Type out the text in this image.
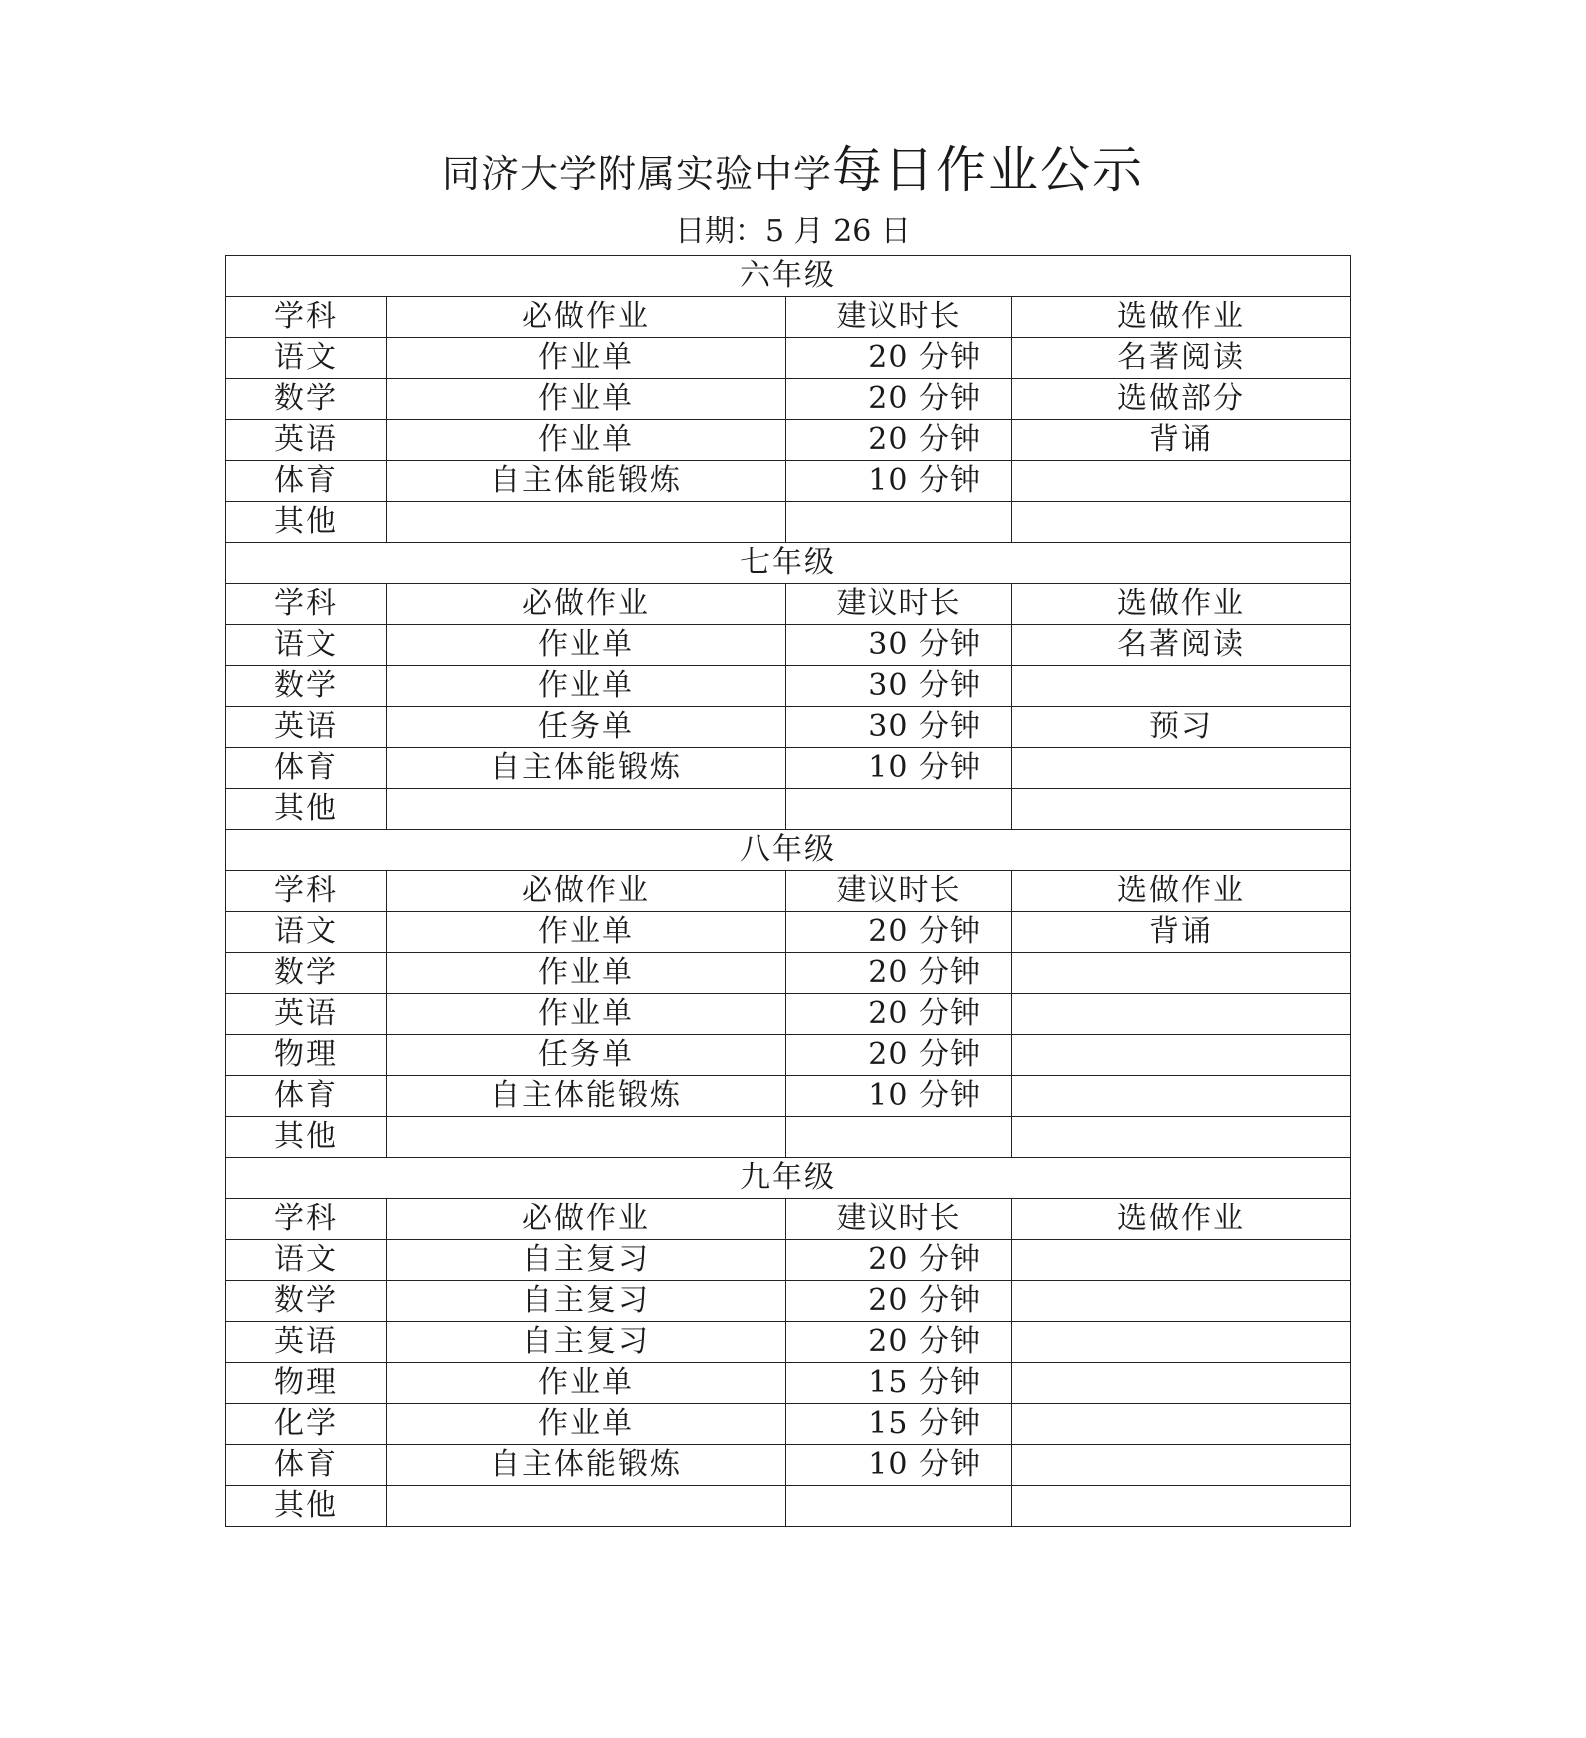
同济大学附属实验中学每日作业公示
日期：5 月 26 日
六年级			
学科	必做作业	建议时长	选做作业
语文	作业单	20 分钟	名著阅读
数学	作业单	20 分钟	选做部分
英语	作业单	20 分钟	背诵
体育	自主体能锻炼	10 分钟	
其他			
七年级			
学科	必做作业	建议时长	选做作业
语文	作业单	30 分钟	名著阅读
数学	作业单	30 分钟	
英语	任务单	30 分钟	预习
体育	自主体能锻炼	10 分钟	
其他			
八年级			
学科	必做作业	建议时长	选做作业
语文	作业单	20 分钟	背诵
数学	作业单	20 分钟	
英语	作业单	20 分钟	
物理	任务单	20 分钟	
体育	自主体能锻炼	10 分钟	
其他			
九年级			
学科	必做作业	建议时长	选做作业
语文	自主复习	20 分钟	
数学	自主复习	20 分钟	
英语	自主复习	20 分钟	
物理	作业单	15 分钟	
化学	作业单	15 分钟	
体育	自主体能锻炼	10 分钟	
其他			
